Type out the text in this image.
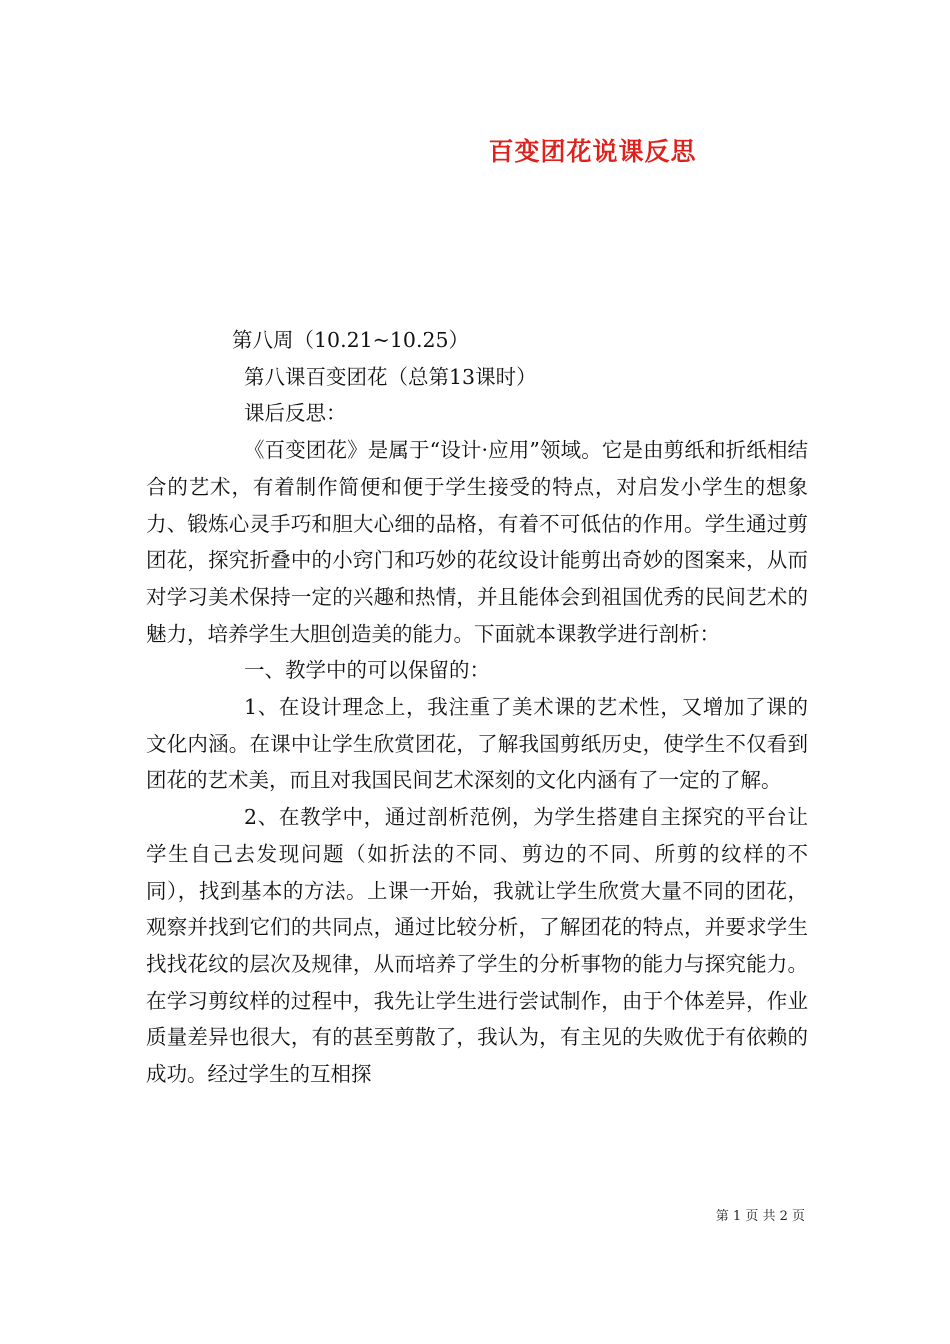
百变团花说课反思

第八周（10.21~10.25）

第八课百变团花（总第13课时）

课后反思：

《百变团花》是属于“设计·应用”领域。它是由剪纸和折纸相结合的艺术，有着制作简便和便于学生接受的特点，对启发小学生的想象力、锻炼心灵手巧和胆大心细的品格，有着不可低估的作用。学生通过剪团花，探究折叠中的小窍门和巧妙的花纹设计能剪出奇妙的图案来，从而对学习美术保持一定的兴趣和热情，并且能体会到祖国优秀的民间艺术的魅力，培养学生大胆创造美的能力。下面就本课教学进行剖析：

一、教学中的可以保留的：

1、在设计理念上，我注重了美术课的艺术性，又增加了课的文化内涵。在课中让学生欣赏团花，了解我国剪纸历史，使学生不仅看到团花的艺术美，而且对我国民间艺术深刻的文化内涵有了一定的了解。

2、在教学中，通过剖析范例，为学生搭建自主探究的平台让学生自己去发现问题（如折法的不同、剪边的不同、所剪的纹样的不同），找到基本的方法。上课一开始，我就让学生欣赏大量不同的团花，观察并找到它们的共同点，通过比较分析，了解团花的特点，并要求学生找找花纹的层次及规律，从而培养了学生的分析事物的能力与探究能力。在学习剪纹样的过程中，我先让学生进行尝试制作，由于个体差异，作业质量差异也很大，有的甚至剪散了，我认为，有主见的失败优于有依赖的成功。经过学生的互相探

第 1 页 共 2 页
